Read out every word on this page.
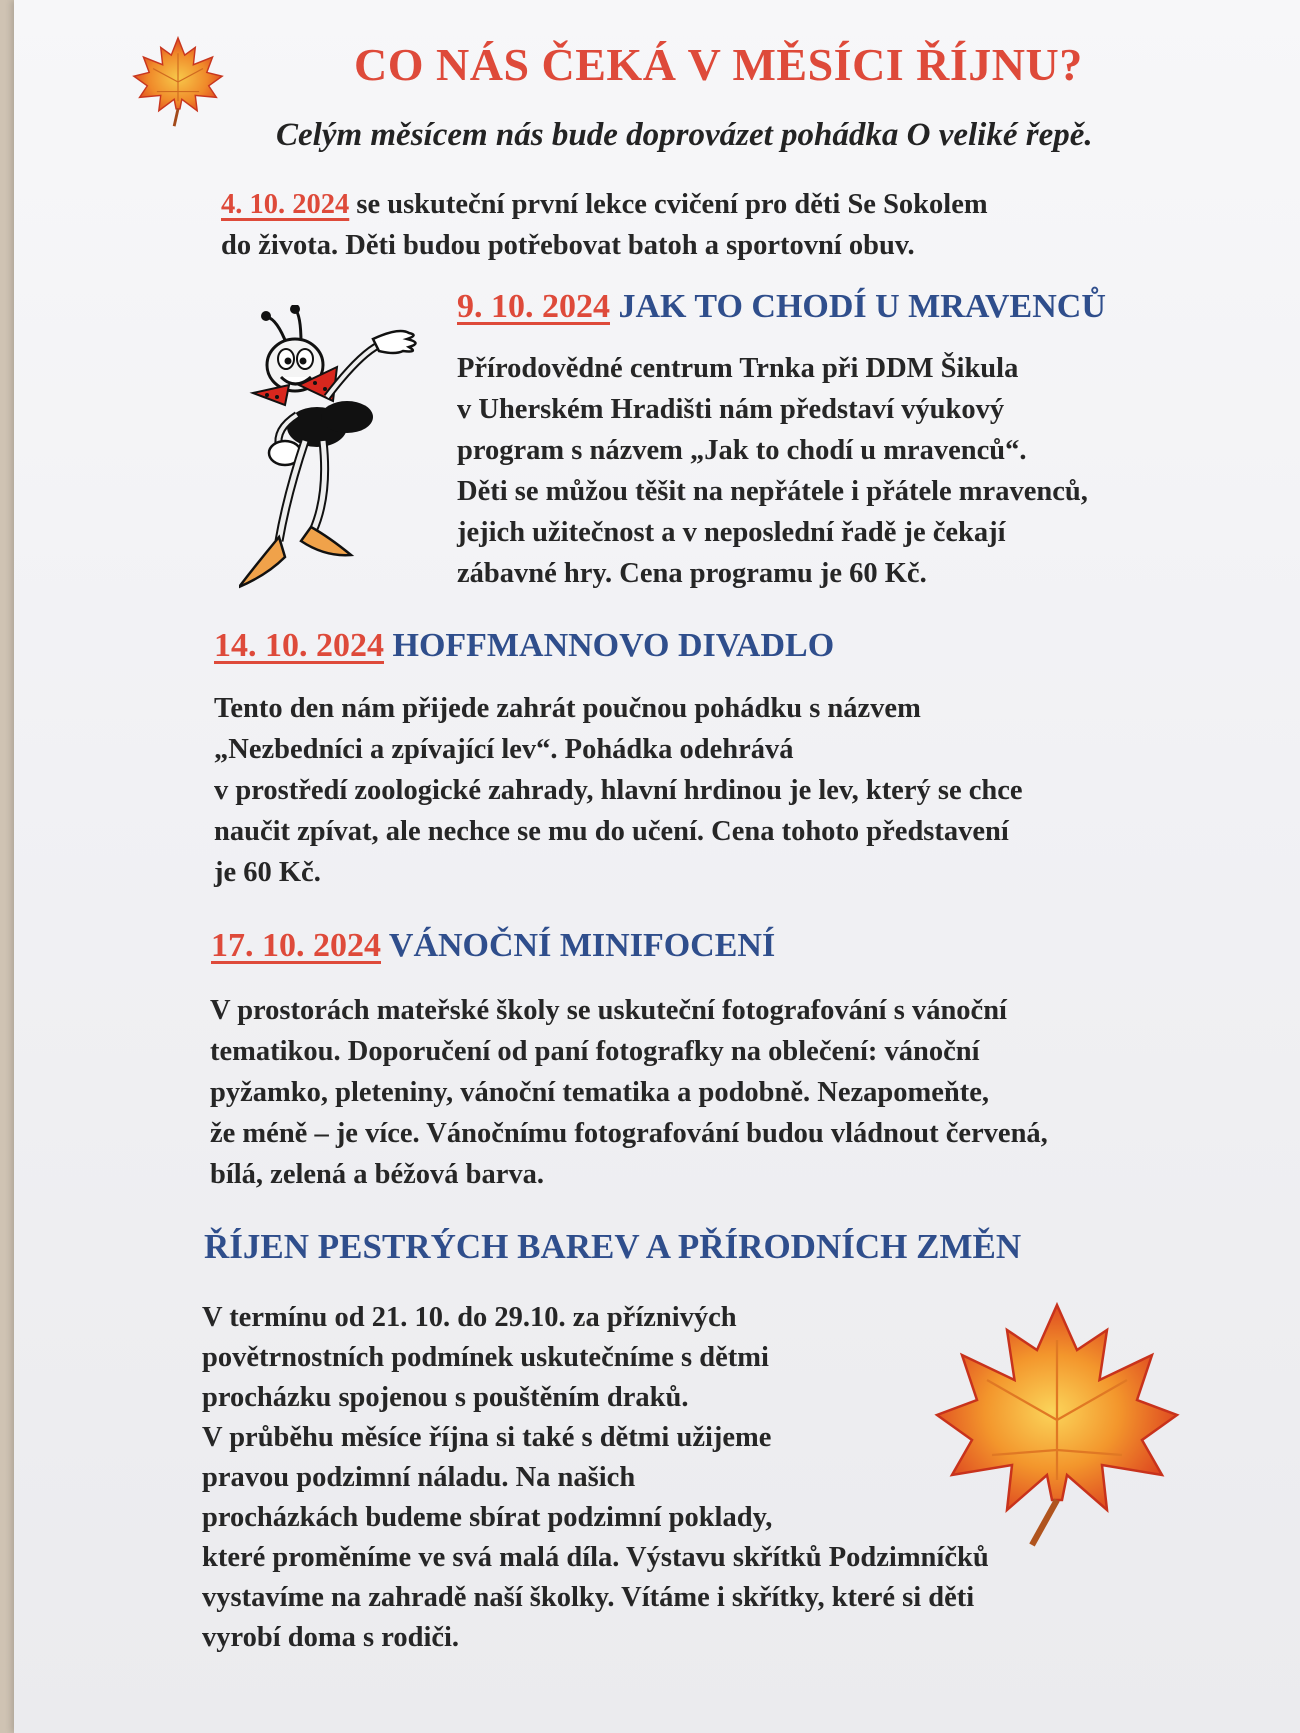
CO NÁS ČEKÁ V MĚSÍCI ŘÍJNU?
Celým měsícem nás bude doprovázet pohádka O veliké řepě.
4. 10. 2024 se uskuteční první lekce cvičení pro děti Se Sokolem
do života. Děti budou potřebovat batoh a sportovní obuv.
9. 10. 2024 JAK TO CHODÍ U MRAVENCŮ
Přírodovědné centrum Trnka při DDM Šikula
v Uherském Hradišti nám představí výukový
program s názvem „Jak to chodí u mravenců“.
Děti se můžou těšit na nepřátele i přátele mravenců,
jejich užitečnost a v neposlední řadě je čekají
zábavné hry. Cena programu je 60 Kč.
14. 10. 2024 HOFFMANNOVO DIVADLO
Tento den nám přijede zahrát poučnou pohádku s názvem
„Nezbedníci a zpívající lev“. Pohádka odehrává
v prostředí zoologické zahrady, hlavní hrdinou je lev, který se chce
naučit zpívat, ale nechce se mu do učení. Cena tohoto představení
je 60 Kč.
17. 10. 2024 VÁNOČNÍ MINIFOCENÍ
V prostorách mateřské školy se uskuteční fotografování s vánoční
tematikou. Doporučení od paní fotografky na oblečení: vánoční
pyžamko, pleteniny, vánoční tematika a podobně. Nezapomeňte,
že méně – je více. Vánočnímu fotografování budou vládnout červená,
bílá, zelená a béžová barva.
ŘÍJEN PESTRÝCH BAREV A PŘÍRODNÍCH ZMĚN
V termínu od 21. 10. do 29.10. za příznivých
povětrnostních podmínek uskutečníme s dětmi
procházku spojenou s pouštěním draků.
V průběhu měsíce října si také s dětmi užijeme
pravou podzimní náladu. Na našich
procházkách budeme sbírat podzimní poklady,
které proměníme ve svá malá díla. Výstavu skřítků Podzimníčků
vystavíme na zahradě naší školky. Vítáme i skřítky, které si děti
vyrobí doma s rodiči.
